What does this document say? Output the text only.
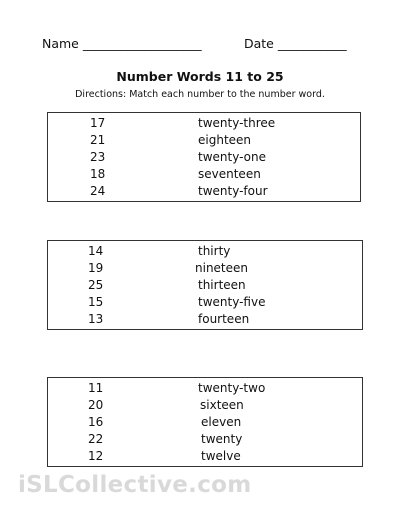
Name ___________________	Date ___________
Number Words 11 to 25
Directions: Match each number to the number word.
17	twenty-three
21	eighteen
23	twenty-one
18	seventeen
24	twenty-four
14	thirty
19	nineteen
25	thirteen
15	twenty-five
13	fourteen
11	twenty-two
20	sixteen
16	eleven
22	twenty
12	twelve
iSLCollective.com
